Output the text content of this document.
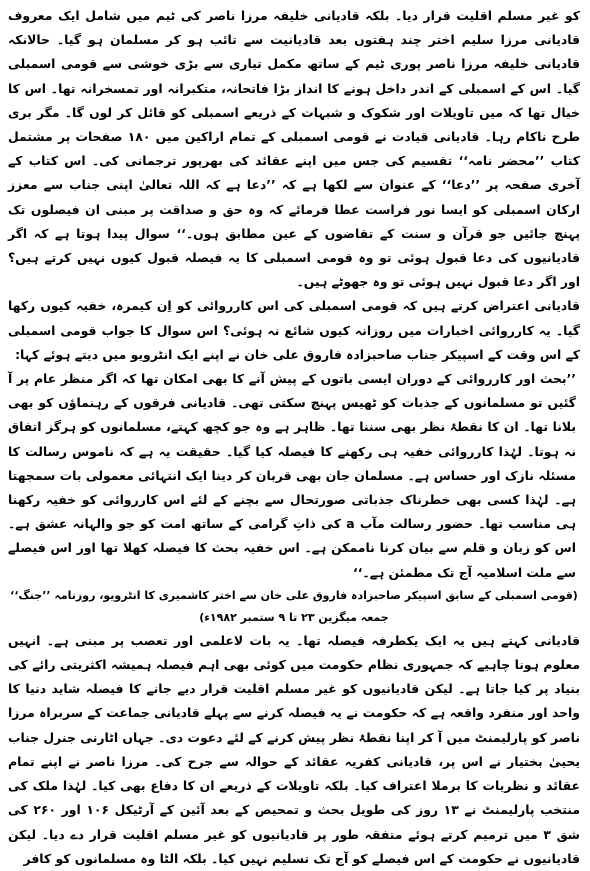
کو غیر مسلم اقلیت قرار دیا۔ بلکہ قادیانی خلیفہ مرزا ناصر کی ٹیم میں شامل ایک معروف قادیانی مرزا سلیم اختر چند ہفتوں بعد قادیانیت سے تائب ہو کر مسلمان ہو گیا۔ حالانکہ قادیانی خلیفہ مرزا ناصر پوری ٹیم کے ساتھ مکمل تیاری سے بڑی خوشی سے قومی اسمبلی گیا۔ اس کے اسمبلی کے اندر داخل ہونے کا انداز بڑا فاتحانہ، متکبرانہ اور تمسخرانہ تھا۔ اس کا خیال تھا کہ میں تاویلات اور شکوک و شبہات کے ذریعے اسمبلی کو قائل کر لوں گا۔ مگر بری طرح ناکام رہا۔ قادیانی قیادت نے قومی اسمبلی کے تمام اراکین میں ۱۸۰ صفحات پر مشتمل کتاب ’’محضر نامہ‘‘ تقسیم کی جس میں اپنے عقائد کی بھرپور ترجمانی کی۔ اس کتاب کے آخری صفحہ پر ’’دعا‘‘ کے عنوان سے لکھا ہے کہ ’’دعا ہے کہ اللہ تعالیٰ اپنی جناب سے معزز ارکان اسمبلی کو ایسا نور فراست عطا فرمائے کہ وہ حق و صداقت پر مبنی ان فیصلوں تک پہنچ جائیں جو قرآن و سنت کے تقاضوں کے عین مطابق ہوں۔‘‘ سوال پیدا ہوتا ہے کہ اگر قادیانیوں کی دعا قبول ہوئی تو وہ قومی اسمبلی کا یہ فیصلہ قبول کیوں نہیں کرتے ہیں؟ اور اگر دعا قبول نہیں ہوئی تو وہ جھوٹے ہیں۔

قادیانی اعتراض کرتے ہیں کہ قومی اسمبلی کی اس کارروائی کو اِن کیمرہ، خفیہ کیوں رکھا گیا۔ یہ کارروائی اخبارات میں روزانہ کیوں شائع نہ ہوئی؟ اس سوال کا جواب قومی اسمبلی کے اس وقت کے اسپیکر جناب صاحبزادہ فاروق علی خان نے اپنے ایک انٹرویو میں دیتے ہوئے کہا:

’’بحث اور کارروائی کے دوران ایسی باتوں کے پیش آنے کا بھی امکان تھا کہ اگر منظر عام پر آ گئیں تو مسلمانوں کے جذبات کو ٹھیس پہنچ سکتی تھی۔ قادیانی فرقوں کے رہنماؤں کو بھی بلانا تھا۔ ان کا نقطۂ نظر بھی سننا تھا۔ ظاہر ہے وہ جو کچھ کہتے، مسلمانوں کو ہرگز اتفاق نہ ہوتا۔ لہٰذا کارروائی خفیہ ہی رکھنے کا فیصلہ کیا گیا۔ حقیقت یہ ہے کہ ناموس رسالت کا مسئلہ نازک اور حساس ہے۔ مسلمان جان بھی قربان کر دینا ایک انتہائی معمولی بات سمجھتا ہے۔ لہٰذا کسی بھی خطرناک جذباتی صورتحال سے بچنے کے لئے اس کارروائی کو خفیہ رکھنا ہی مناسب تھا۔ حضور رسالت مآب a کی ذاتِ گرامی کے ساتھ امت کو جو والہانہ عشق ہے۔ اس کو زبان و قلم سے بیان کرنا ناممکن ہے۔ اس خفیہ بحث کا فیصلہ کھلا تھا اور اس فیصلے سے ملت اسلامیہ آج تک مطمئن ہے۔‘‘

(قومی اسمبلی کے سابق اسپیکر صاحبزادہ فاروق علی خان سے اختر کاشمیری کا انٹرویو، روزنامہ ’’جنگ‘‘ جمعہ میگزین ۲۳ تا ۹ ستمبر ۱۹۸۲ء)

قادیانی کہتے ہیں یہ ایک یکطرفہ فیصلہ تھا۔ یہ بات لاعلمی اور تعصب پر مبنی ہے۔ انہیں معلوم ہونا چاہیے کہ جمہوری نظام حکومت میں کوئی بھی اہم فیصلہ ہمیشہ اکثریتی رائے کی بنیاد پر کیا جاتا ہے۔ لیکن قادیانیوں کو غیر مسلم اقلیت قرار دیے جانے کا فیصلہ شاید دنیا کا واحد اور منفرد واقعہ ہے کہ حکومت نے یہ فیصلہ کرنے سے پہلے قادیانی جماعت کے سربراہ مرزا ناصر کو پارلیمنٹ میں آ کر اپنا نقطۂ نظر پیش کرنے کے لئے دعوت دی۔ جہاں اٹارنی جنرل جناب یحییٰ بختیار نے اس پر، قادیانی کفریہ عقائد کے حوالہ سے جرح کی۔ مرزا ناصر نے اپنے تمام عقائد و نظریات کا برملا اعتراف کیا۔ بلکہ تاویلات کے ذریعے ان کا دفاع بھی کیا۔ لہٰذا ملک کی منتخب پارلیمنٹ نے ۱۳ روز کی طویل بحث و تمحیص کے بعد آئین کے آرٹیکل ۱۰۶ اور ۲۶۰ کی شق ۳ میں ترمیم کرتے ہوئے متفقہ طور پر قادیانیوں کو غیر مسلم اقلیت قرار دے دیا۔ لیکن قادیانیوں نے حکومت کے اس فیصلے کو آج تک تسلیم نہیں کیا۔ بلکہ الٹا وہ مسلمانوں کو کافر
